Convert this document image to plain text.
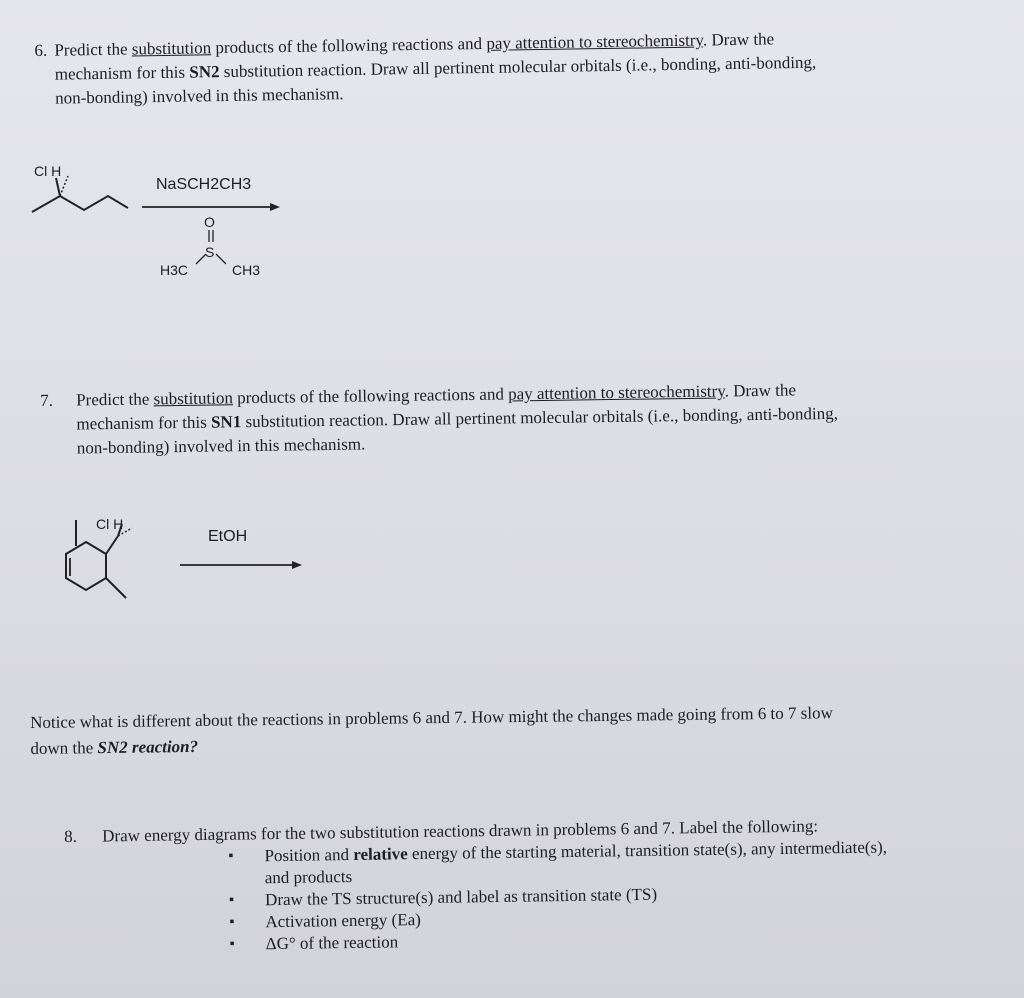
6. Predict the substitution products of the following reactions and pay attention to stereochemistry. Draw the
mechanism for this SN2 substitution reaction. Draw all pertinent molecular orbitals (i.e., bonding, anti-bonding,
non-bonding) involved in this mechanism.
Cl H
NaSCH2CH3
O
S
H3C	CH3
7. Predict the substitution products of the following reactions and pay attention to stereochemistry. Draw the
mechanism for this SN1 substitution reaction. Draw all pertinent molecular orbitals (i.e., bonding, anti-bonding,
non-bonding) involved in this mechanism.
Cl H
EtOH
Notice what is different about the reactions in problems 6 and 7. How might the changes made going from 6 to 7 slow
down the SN2 reaction?
8. Draw energy diagrams for the two substitution reactions drawn in problems 6 and 7. Label the following:
▪ Position and relative energy of the starting material, transition state(s), any intermediate(s),
and products
▪ Draw the TS structure(s) and label as transition state (TS)
▪ Activation energy (Ea)
▪ ΔG° of the reaction
